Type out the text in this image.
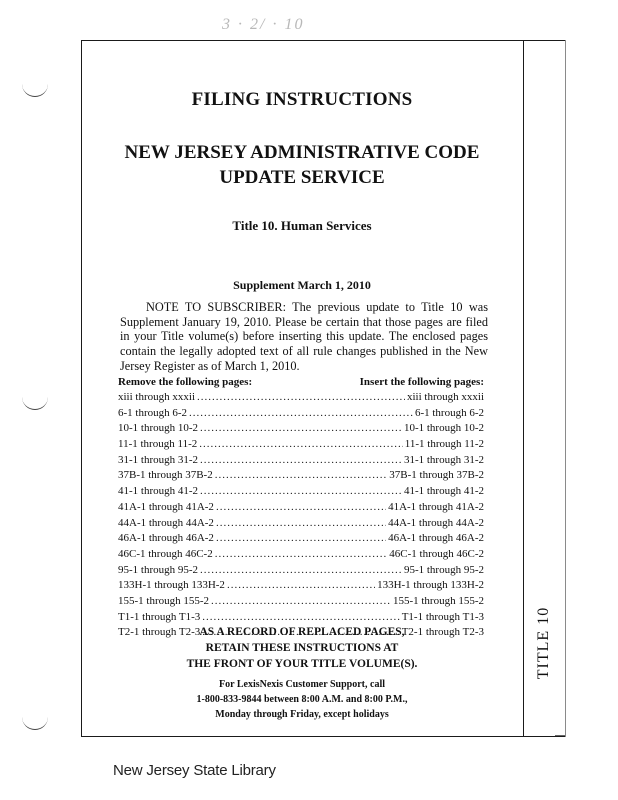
3 · 2/ · 10
FILING INSTRUCTIONS
NEW JERSEY ADMINISTRATIVE CODE
UPDATE SERVICE
Title 10. Human Services
Supplement March 1, 2010
NOTE TO SUBSCRIBER: The previous update to Title 10 was Supplement January 19, 2010. Please be certain that those pages are filed in your Title volume(s) before inserting this update. The enclosed pages contain the legally adopted text of all rule changes published in the New Jersey Register as of March 1, 2010.
Remove the following pages:	Insert the following pages:
xiii through xxxii .....	xiii through xxxii
6-1 through 6-2 .....	6-1 through 6-2
10-1 through 10-2 .....	10-1 through 10-2
11-1 through 11-2 .....	11-1 through 11-2
31-1 through 31-2 .....	31-1 through 31-2
37B-1 through 37B-2 .....	37B-1 through 37B-2
41-1 through 41-2 .....	41-1 through 41-2
41A-1 through 41A-2 .....	41A-1 through 41A-2
44A-1 through 44A-2 .....	44A-1 through 44A-2
46A-1 through 46A-2 .....	46A-1 through 46A-2
46C-1 through 46C-2 .....	46C-1 through 46C-2
95-1 through 95-2 .....	95-1 through 95-2
133H-1 through 133H-2 .....	133H-1 through 133H-2
155-1 through 155-2 .....	155-1 through 155-2
T1-1 through T1-3 .....	T1-1 through T1-3
T2-1 through T2-3 .....	T2-1 through T2-3
AS A RECORD OF REPLACED PAGES,
RETAIN THESE INSTRUCTIONS AT
THE FRONT OF YOUR TITLE VOLUME(S).
For LexisNexis Customer Support, call
1-800-833-9844 between 8:00 A.M. and 8:00 P.M.,
Monday through Friday, except holidays
TITLE 10
New Jersey State Library
